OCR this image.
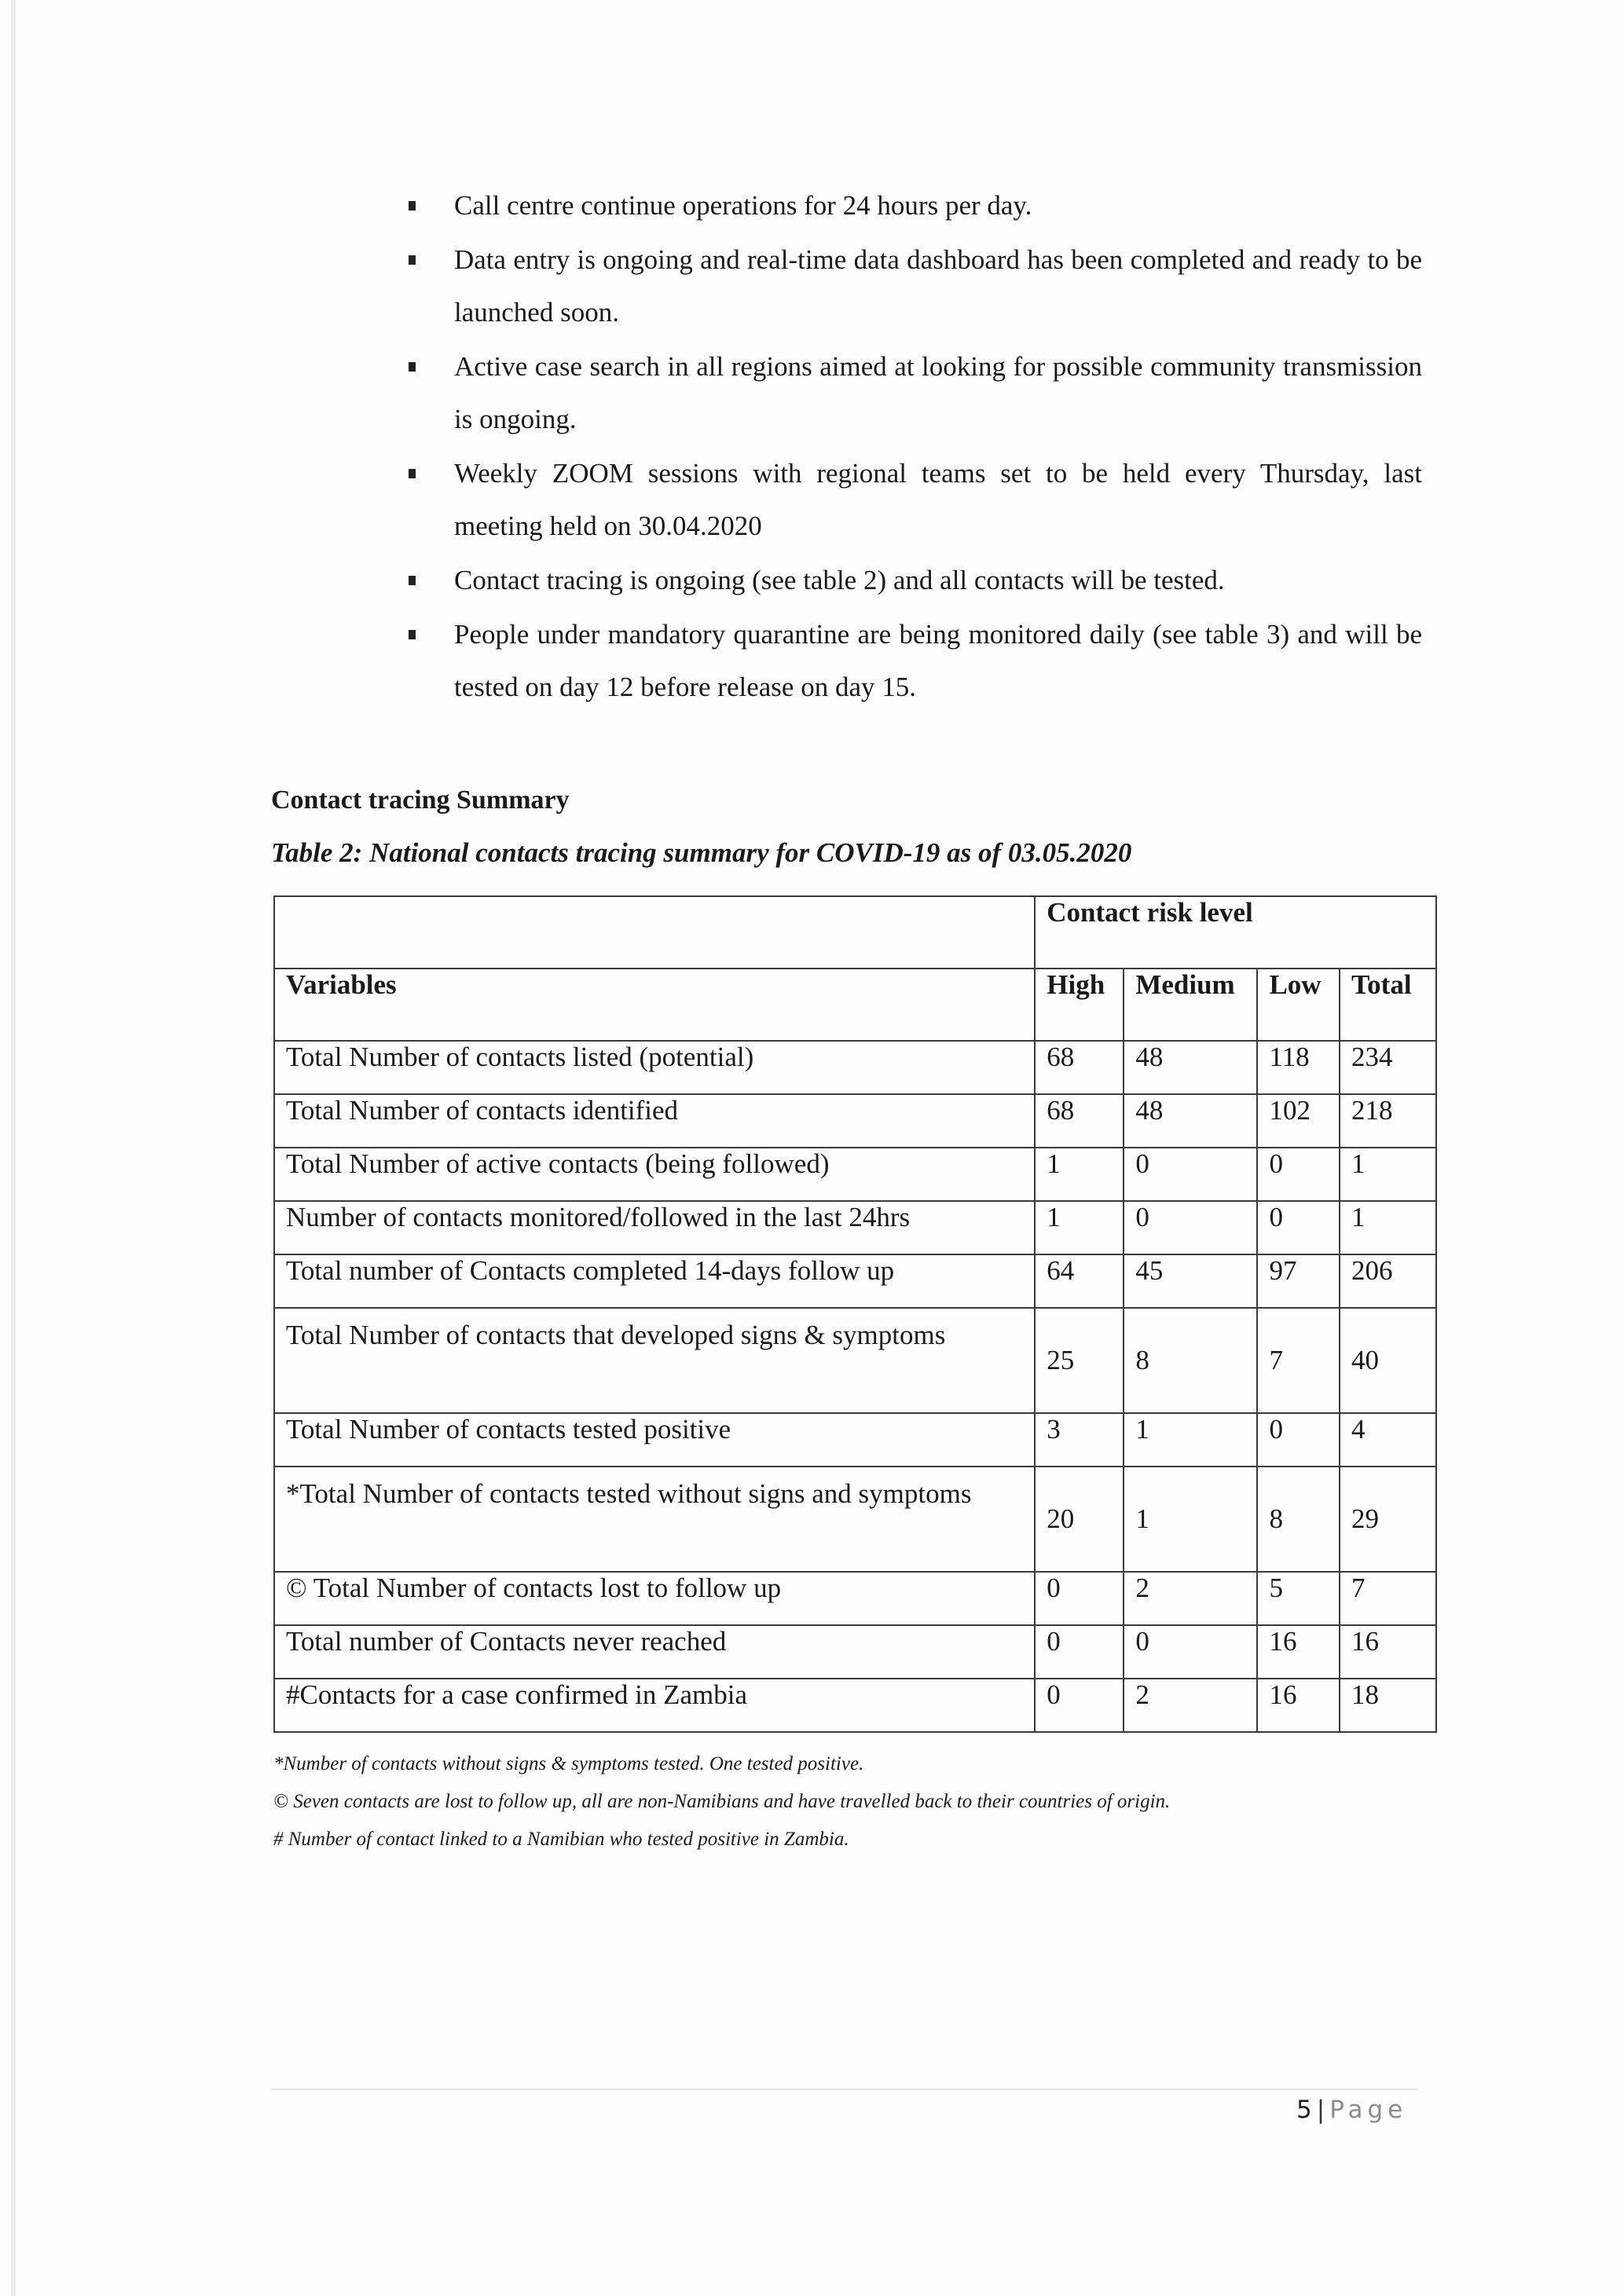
Call centre continue operations for 24 hours per day.
Data entry is ongoing and real-time data dashboard has been completed and ready to be launched soon.
Active case search in all regions aimed at looking for possible community transmission is ongoing.
Weekly ZOOM sessions with regional teams set to be held every Thursday, last meeting held on 30.04.2020
Contact tracing is ongoing (see table 2) and all contacts will be tested.
People under mandatory quarantine are being monitored daily (see table 3) and will be tested on day 12 before release on day 15.
Contact tracing Summary
Table 2: National contacts tracing summary for COVID-19 as of 03.05.2020
	Contact risk level			
Variables	High	Medium	Low	Total
Total Number of contacts listed (potential)	68	48	118	234
Total Number of contacts identified	68	48	102	218
Total Number of active contacts (being followed)	1	0	0	1
Number of contacts monitored/followed in the last 24hrs	1	0	0	1
Total number of Contacts completed 14-days follow up	64	45	97	206
Total Number of contacts that developed signs & symptoms	25	8	7	40
Total Number of contacts tested positive	3	1	0	4
*Total Number of contacts tested without signs and symptoms	20	1	8	29
© Total Number of contacts lost to follow up	0	2	5	7
Total number of Contacts never reached	0	0	16	16
#Contacts for a case confirmed in Zambia	0	2	16	18

*Number of contacts without signs & symptoms tested. One tested positive.

© Seven contacts are lost to follow up, all are non-Namibians and have travelled back to their countries of origin.

# Number of contact linked to a Namibian who tested positive in Zambia.

5|Page
